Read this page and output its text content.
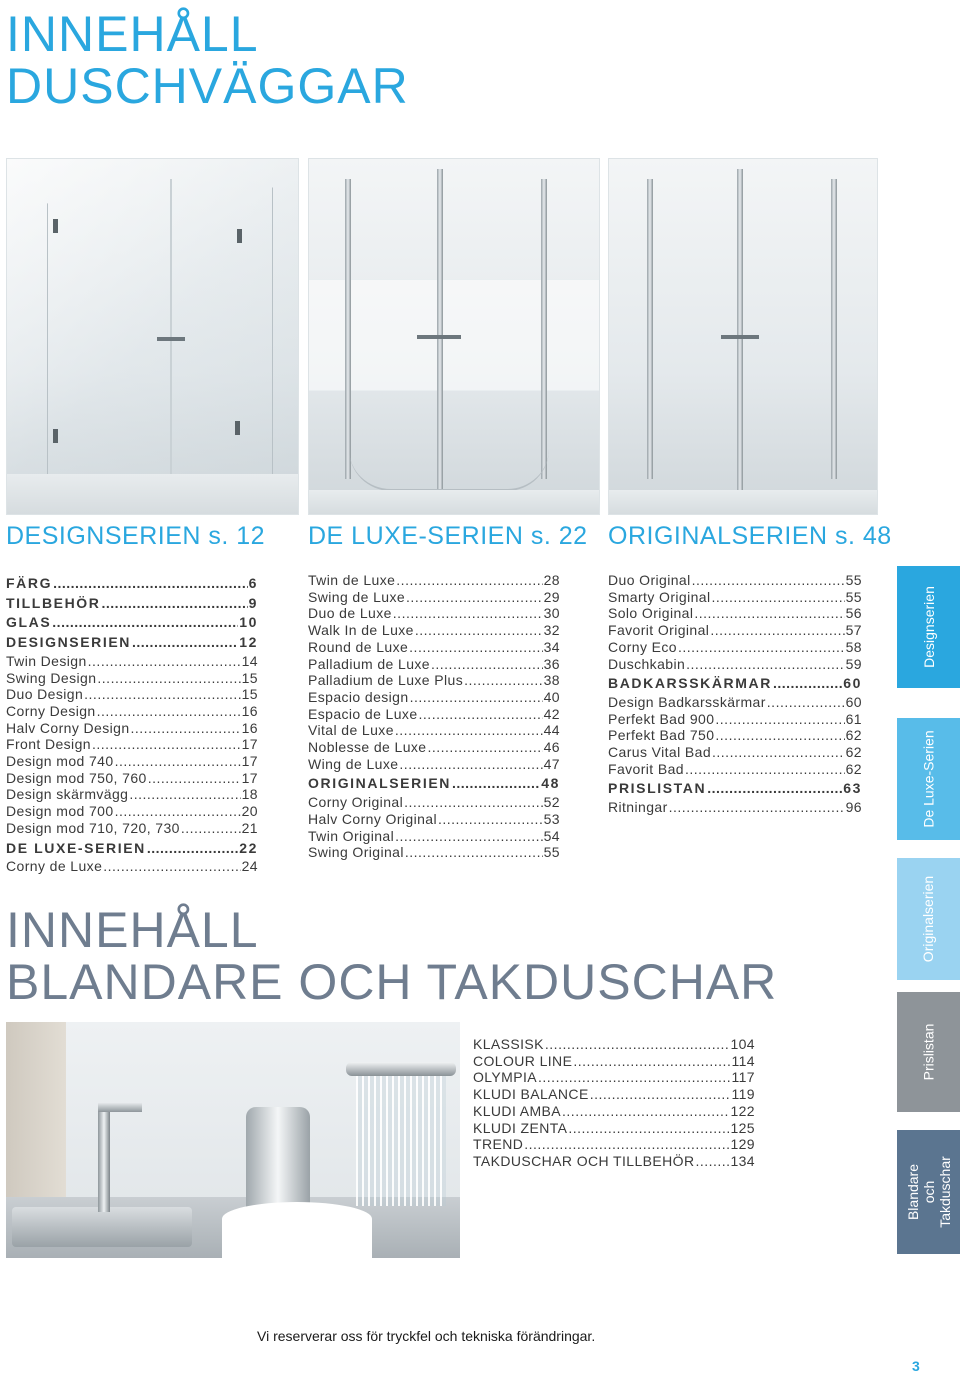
INNEHÅLL
DUSCHVÄGGAR
DESIGNSERIEN s. 12 DE LUXE-SERIEN s. 22 ORIGINALSERIEN s. 48
FÄRG .....	6
TILLBEHÖR .....	9
GLAS .....	10
DESIGNSERIEN .....	12
Twin Design .....	14
Swing Design .....	15
Duo Design .....	15
Corny Design .....	16
Halv Corny Design .....	16
Front Design .....	17
Design mod 740 .....	17
Design mod 750, 760 .....	17
Design skärmvägg .....	18
Design mod 700 .....	20
Design mod 710, 720, 730 .....	21
DE LUXE-SERIEN .....	22
Corny de Luxe .....	24
Twin de Luxe .....	28
Swing de Luxe .....	29
Duo de Luxe .....	30
Walk In de Luxe .....	32
Round de Luxe .....	34
Palladium de Luxe .....	36
Palladium de Luxe Plus .....	38
Espacio design .....	40
Espacio de Luxe .....	42
Vital de Luxe .....	44
Noblesse de Luxe .....	46
Wing de Luxe .....	47
ORIGINALSERIEN .....	48
Corny Original .....	52
Halv Corny Original .....	53
Twin Original .....	54
Swing Original .....	55
Duo Original .....	55
Smarty Original .....	55
Solo Original .....	56
Favorit Original .....	57
Corny Eco .....	58
Duschkabin .....	59
BADKARSSKÄRMAR .....	60
Design Badkarsskärmar .....	60
Perfekt Bad 900 .....	61
Perfekt Bad 750 .....	62
Carus Vital Bad .....	62
Favorit Bad .....	62
PRISLISTAN .....	63
Ritningar .....	96
INNEHÅLL
BLANDARE OCH TAKDUSCHAR
KLASSISK .....	104
COLOUR LINE .....	114
OLYMPIA .....	117
KLUDI BALANCE .....	119
KLUDI AMBA .....	122
KLUDI ZENTA .....	125
TREND .....	129
TAKDUSCHAR OCH TILLBEHÖR .....	134
Designserien
De Luxe-Serien
Originalserien
Prislistan
Blandare och Takduschar
Vi reserverar oss för tryckfel och tekniska förändringar.
3
